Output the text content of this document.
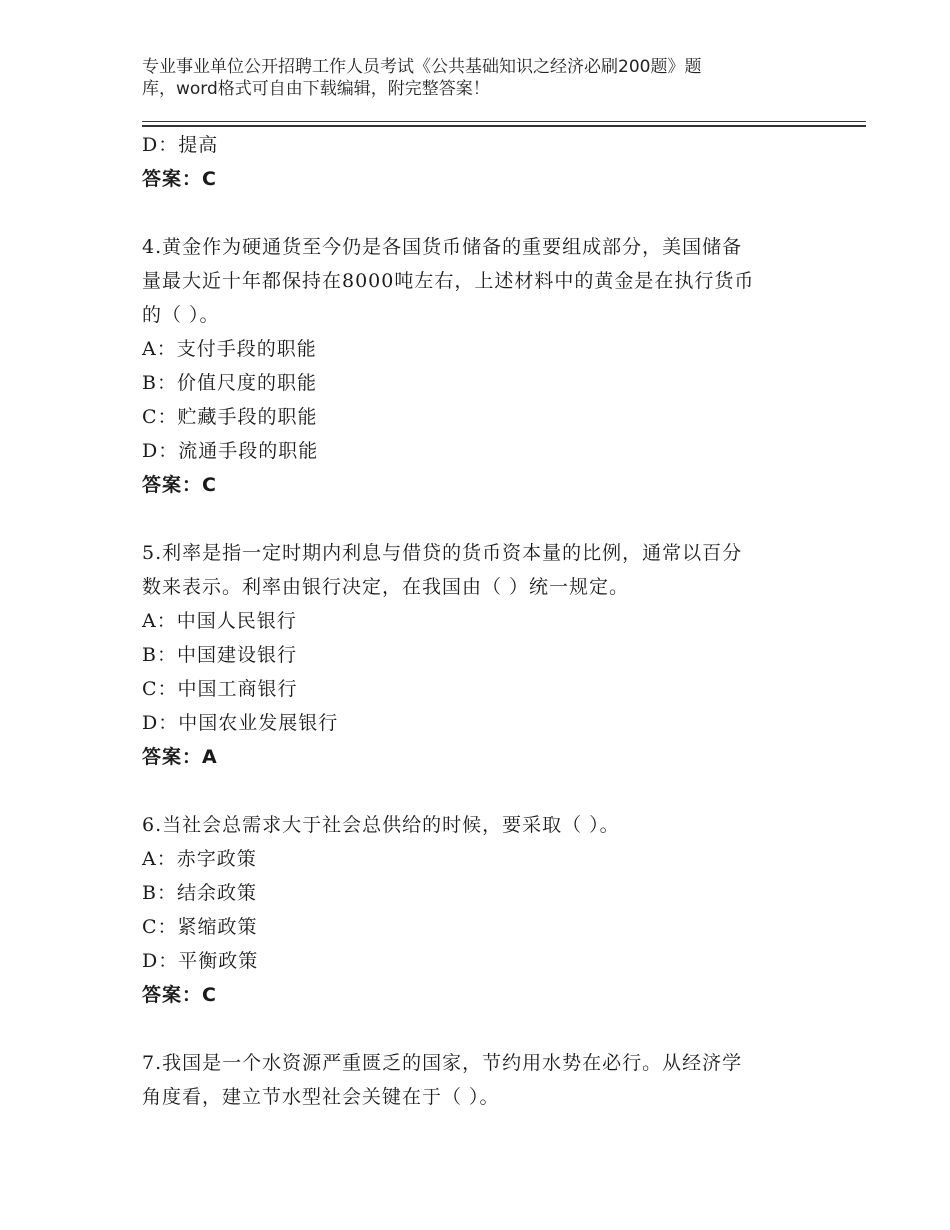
专业事业单位公开招聘工作人员考试《公共基础知识之经济必刷200题》题
库，word格式可自由下载编辑，附完整答案！
D：提高
答案：C
4.黄金作为硬通货至今仍是各国货币储备的重要组成部分，美国储备
量最大近十年都保持在8000吨左右，上述材料中的黄金是在执行货币
的（ ）。
A：支付手段的职能
B：价值尺度的职能
C：贮藏手段的职能
D：流通手段的职能
答案：C
5.利率是指一定时期内利息与借贷的货币资本量的比例，通常以百分
数来表示。利率由银行决定，在我国由（ ）统一规定。
A：中国人民银行
B：中国建设银行
C：中国工商银行
D：中国农业发展银行
答案：A
6.当社会总需求大于社会总供给的时候，要采取（ ）。
A：赤字政策
B：结余政策
C：紧缩政策
D：平衡政策
答案：C
7.我国是一个水资源严重匮乏的国家，节约用水势在必行。从经济学
角度看，建立节水型社会关键在于（ ）。
